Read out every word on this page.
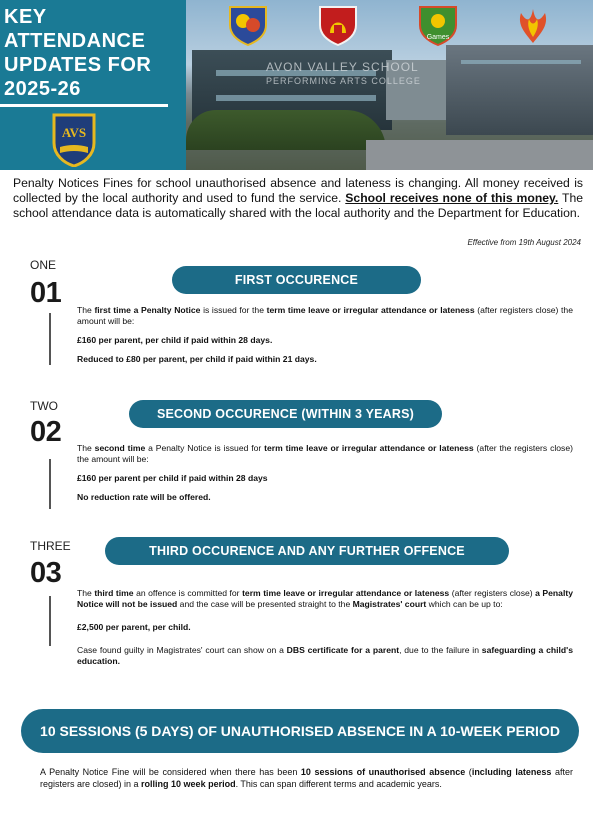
KEY
ATTENDANCE
UPDATES FOR
2025-26
AVS
AVON VALLEY SCHOOL
PERFORMING ARTS COLLEGE
Games
Penalty Notices Fines for school unauthorised absence and lateness is changing. All money received is collected by the local authority and used to fund the service. School receives none of this money. The school attendance data is automatically shared with the local authority and the Department for Education.
Effective from 19th August 2024
ONE
01	FIRST OCCURENCE

The first time a Penalty Notice is issued for the term time leave or irregular attendance or lateness (after registers close) the amount will be:

£160 per parent, per child if paid within 28 days.

Reduced to £80 per parent, per child if paid within 21 days.

TWO
02
SECOND OCCURENCE (WITHIN 3 YEARS)

The second time a Penalty Notice is issued for term time leave or irregular attendance or lateness (after the registers close) the amount will be:

£160 per parent per child if paid within 28 days

No reduction rate will be offered.

THREE
03
THIRD OCCURENCE AND ANY FURTHER OFFENCE

The third time an offence is committed for term time leave or irregular attendance or lateness (after registers close) a Penalty Notice will not be issued and the case will be presented straight to the Magistrates' court which can be up to:

£2,500 per parent, per child.

Case found guilty in Magistrates' court can show on a DBS certificate for a parent, due to the failure in safeguarding a child's education.

10 SESSIONS (5 DAYS) OF UNAUTHORISED ABSENCE IN A 10-WEEK PERIOD
A Penalty Notice Fine will be considered when there has been 10 sessions of unauthorised absence (including lateness after registers are closed) in a rolling 10 week period. This can span different terms and academic years.
